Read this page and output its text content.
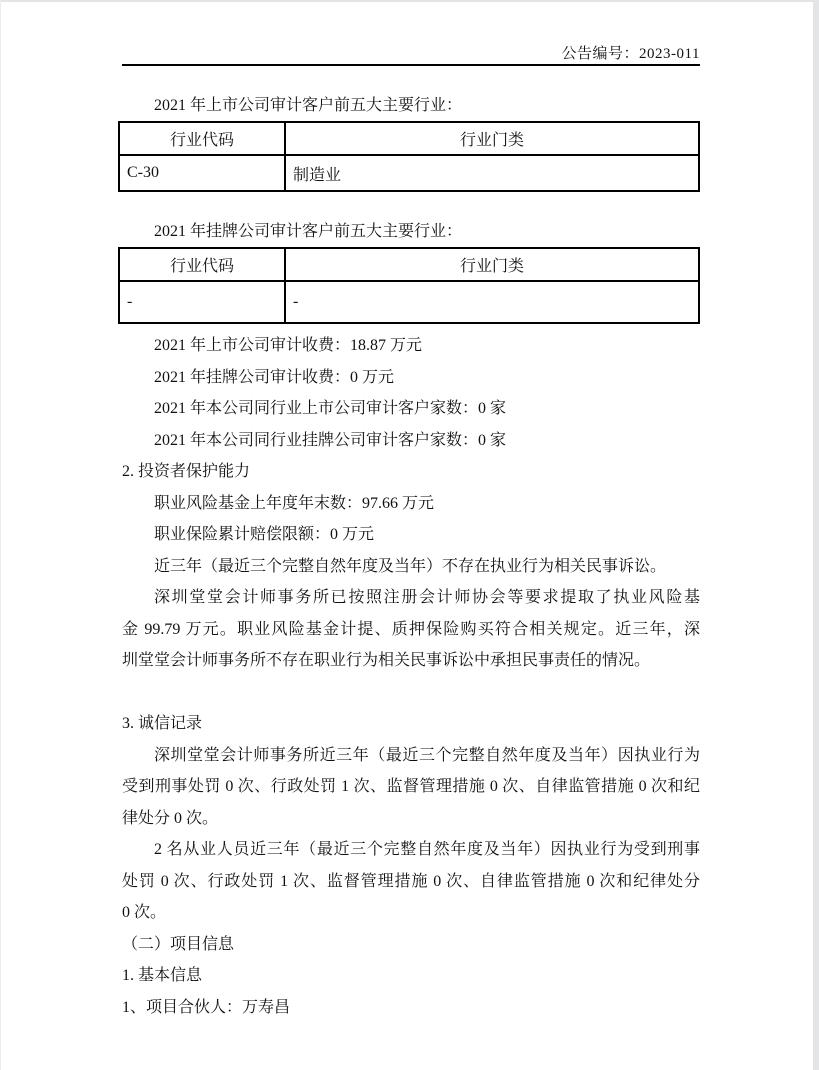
公告编号：2023-011

2021 年上市公司审计客户前五大主要行业：

行业代码	行业门类
C-30	制造业

2021 年挂牌公司审计客户前五大主要行业：

行业代码	行业门类
-	-
2021 年上市公司审计收费：18.87 万元
2021 年挂牌公司审计收费：0 万元
2021 年本公司同行业上市公司审计客户家数：0 家
2021 年本公司同行业挂牌公司审计客户家数：0 家
2. 投资者保护能力
职业风险基金上年度年末数：97.66 万元
职业保险累计赔偿限额：0 万元
近三年（最近三个完整自然年度及当年）不存在执业行为相关民事诉讼。
深圳堂堂会计师事务所已按照注册会计师协会等要求提取了执业风险基
金 99.79 万元。职业风险基金计提、质押保险购买符合相关规定。近三年，深
圳堂堂会计师事务所不存在职业行为相关民事诉讼中承担民事责任的情况。
3. 诚信记录
深圳堂堂会计师事务所近三年（最近三个完整自然年度及当年）因执业行为
受到刑事处罚 0 次、行政处罚 1 次、监督管理措施 0 次、自律监管措施 0 次和纪
律处分 0 次。
2 名从业人员近三年（最近三个完整自然年度及当年）因执业行为受到刑事
处罚 0 次、行政处罚 1 次、监督管理措施 0 次、自律监管措施 0 次和纪律处分
0 次。
（二）项目信息
1. 基本信息
1、项目合伙人：万寿昌
